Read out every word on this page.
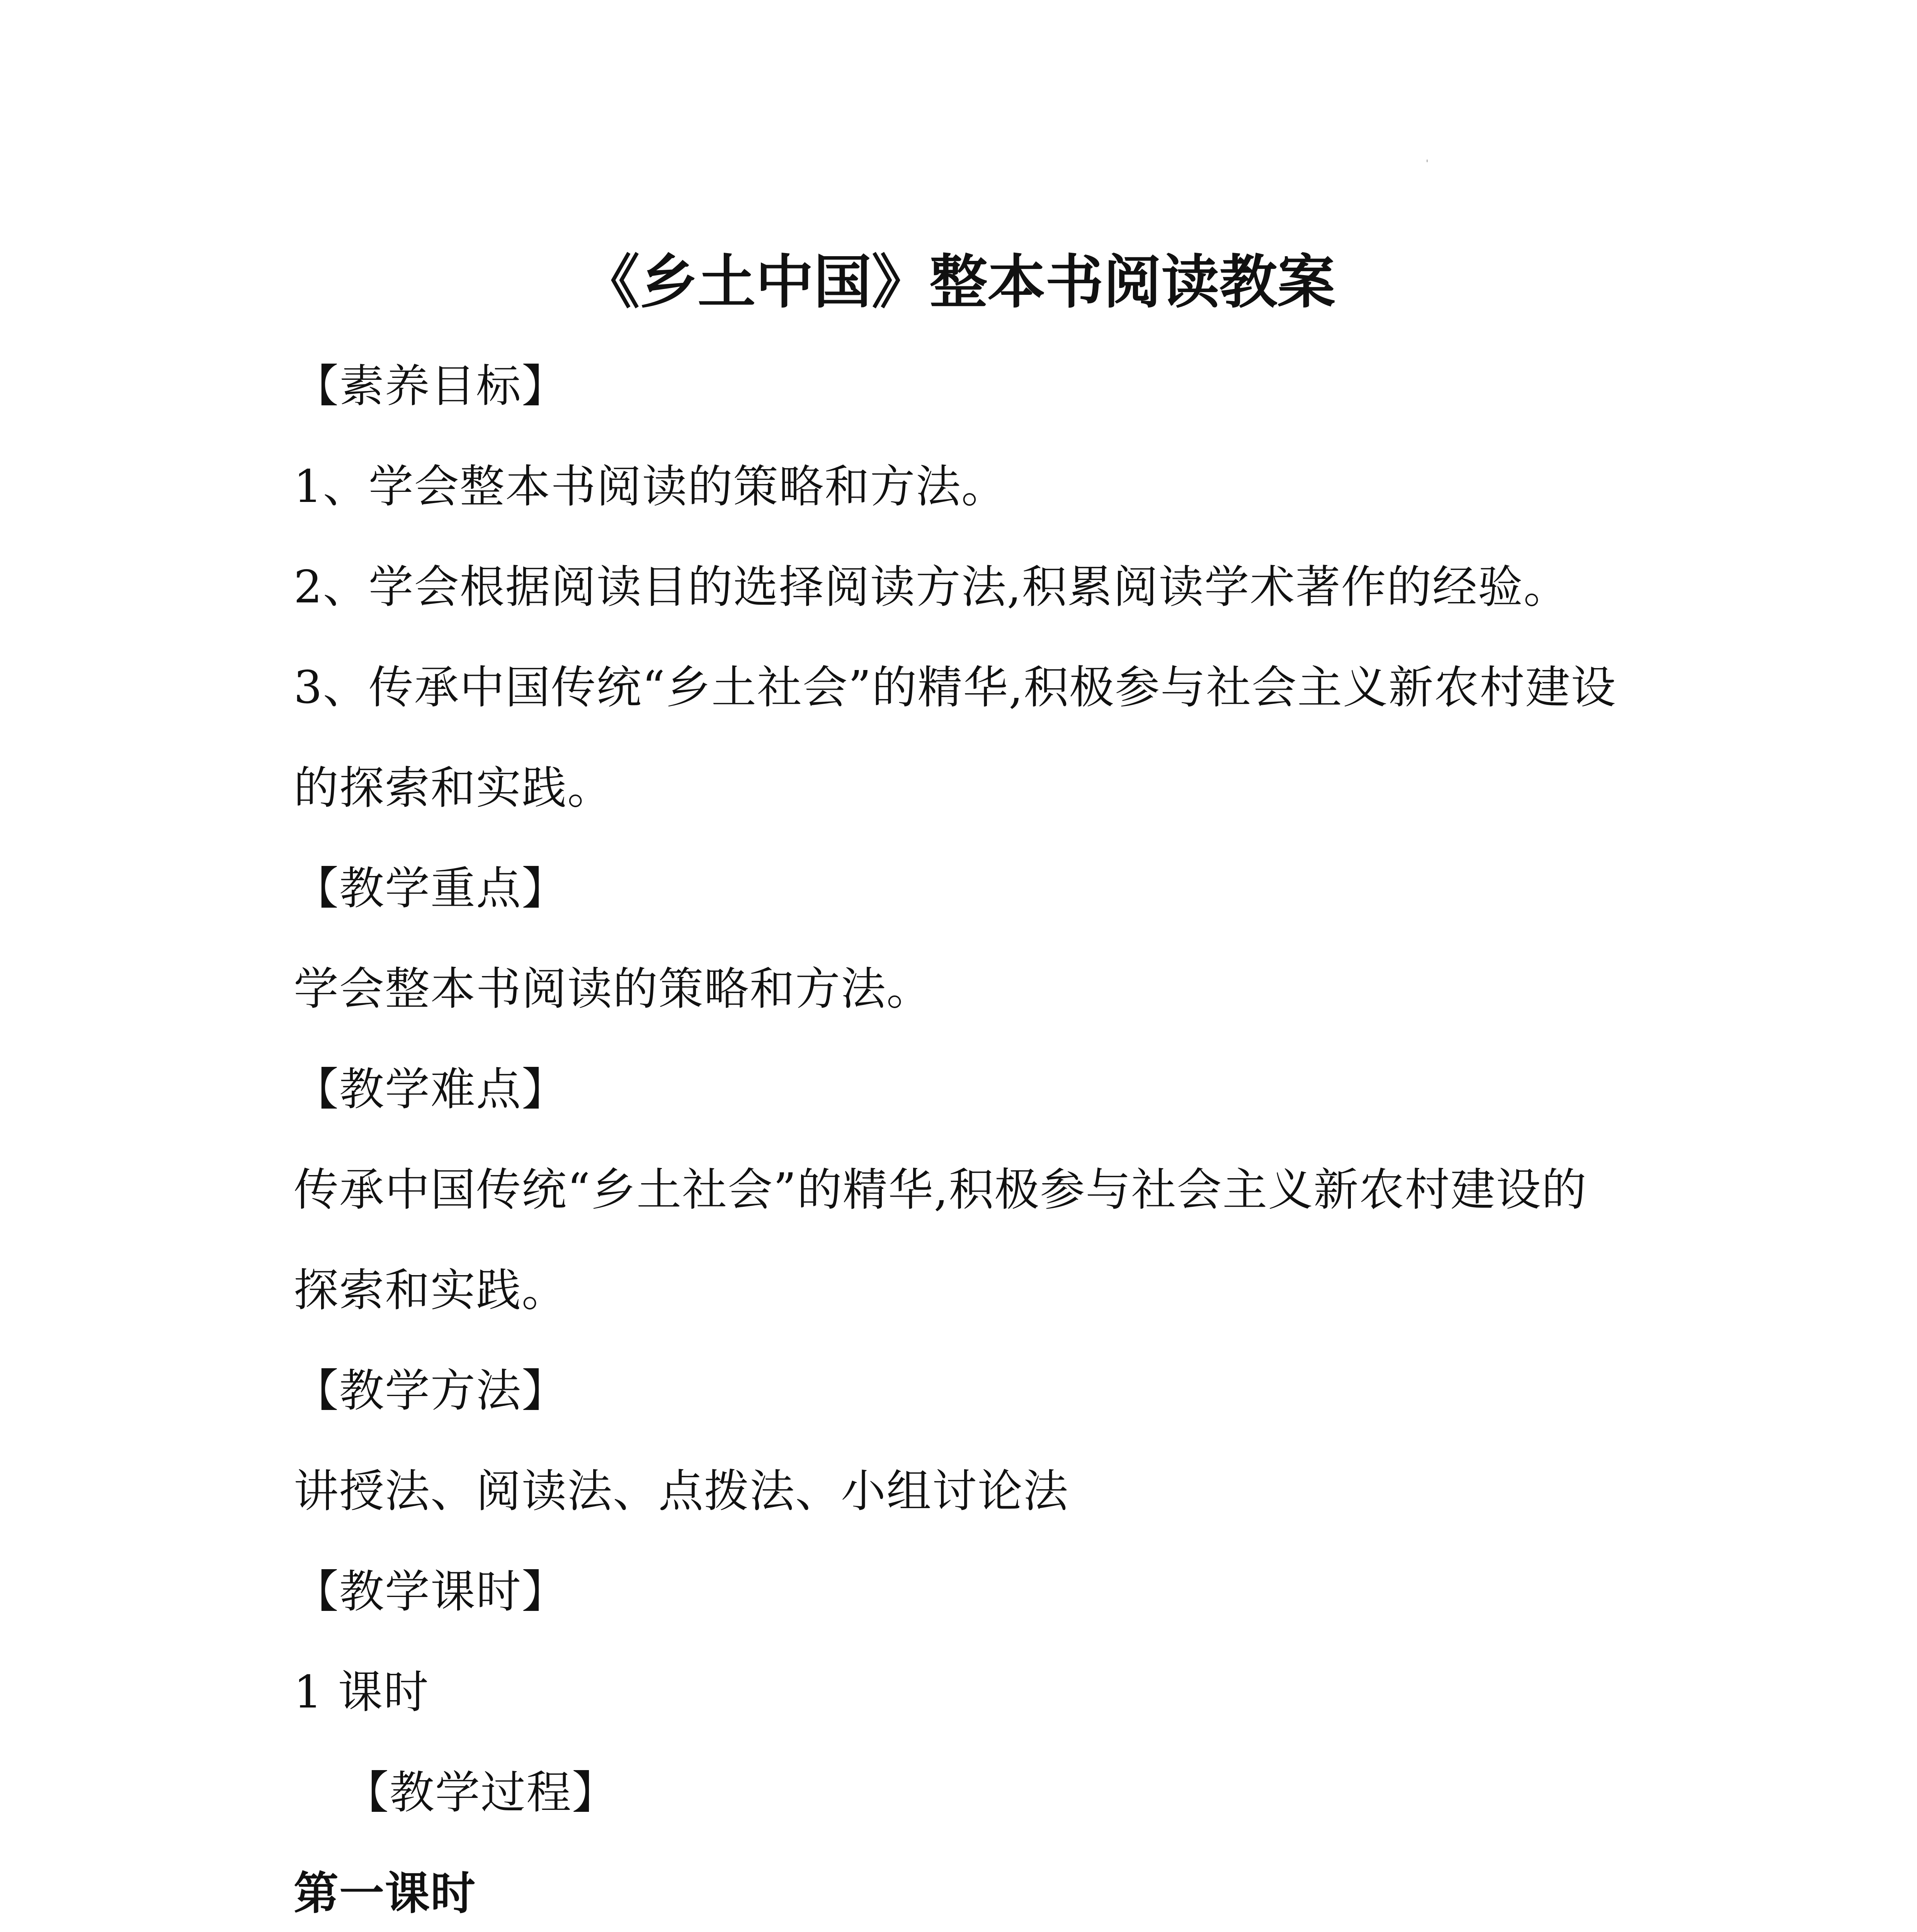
'
《乡土中国》整本书阅读教案
【素养目标】
1、学会整本书阅读的策略和方法。
2、学会根据阅读目的选择阅读方法,积累阅读学术著作的经验。
3、传承中国传统“乡土社会”的精华,积极参与社会主义新农村建设
的探索和实践。
【教学重点】
学会整本书阅读的策略和方法。
【教学难点】
传承中国传统“乡土社会”的精华,积极参与社会主义新农村建设的
探索和实践。
【教学方法】
讲授法、阅读法、点拨法、小组讨论法
【教学课时】
1 课时
【教学过程】
第一课时
